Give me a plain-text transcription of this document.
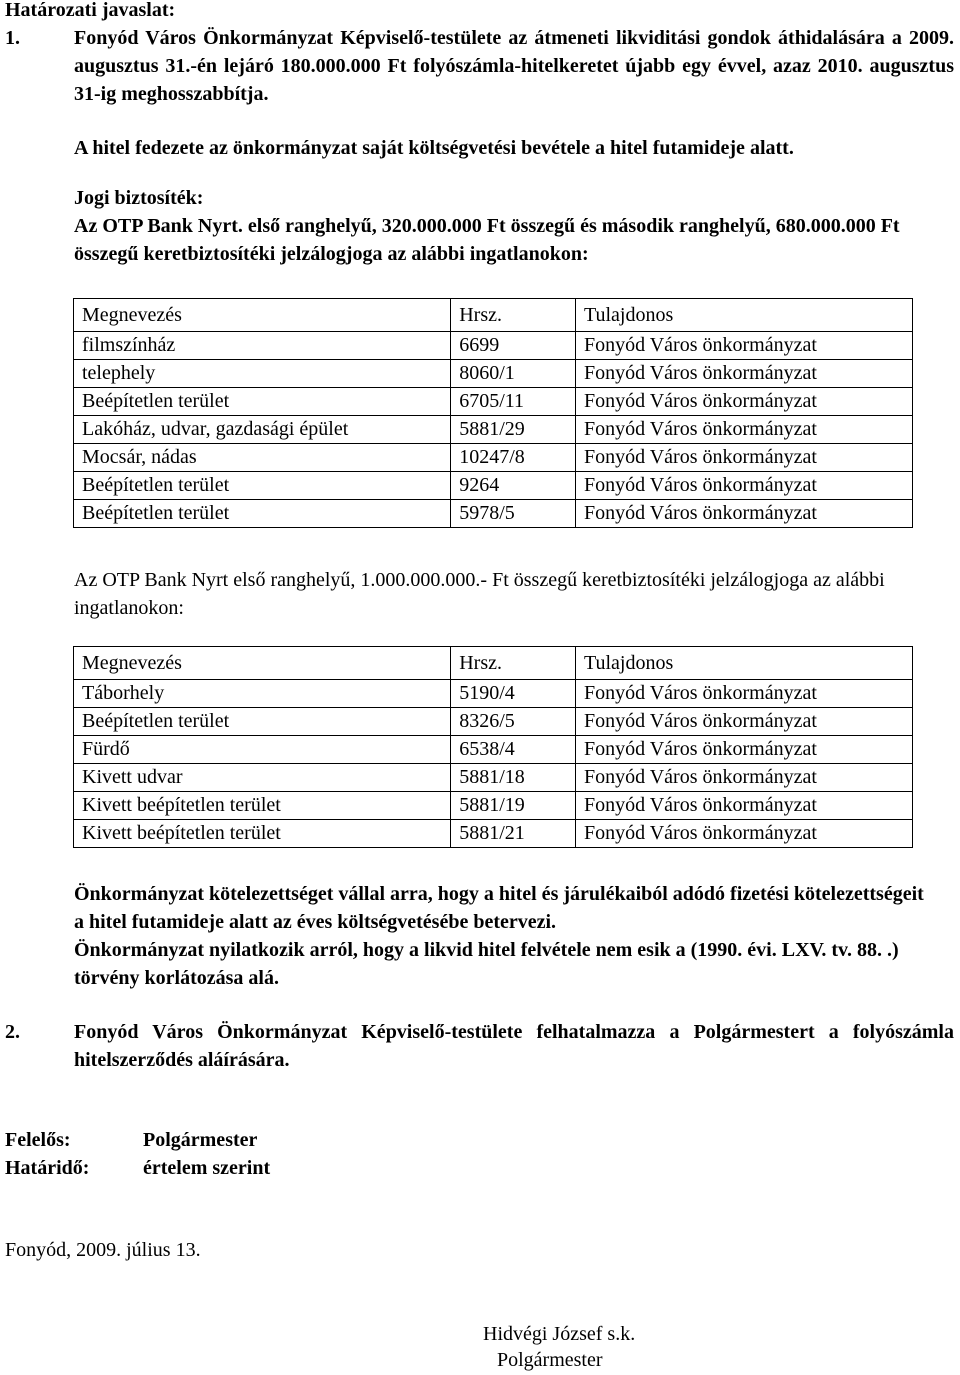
Határozati javaslat:
1.	Fonyód Város Önkormányzat Képviselő-testülete az átmeneti likviditási gondok áthidalására a 2009. augusztus 31.-én lejáró 180.000.000 Ft folyószámla-hitelkeretet újabb egy évvel, azaz 2010. augusztus 31-ig meghosszabbítja.
A hitel fedezete az önkormányzat saját költségvetési bevétele a hitel futamideje alatt.
Jogi biztosíték:
Az OTP Bank Nyrt. első ranghelyű, 320.000.000 Ft összegű és második ranghelyű, 680.000.000 Ft összegű keretbiztosítéki jelzálogjoga az alábbi ingatlanokon:
Megnevezés	Hrsz.	Tulajdonos
filmszínház	6699	Fonyód Város önkormányzat
telephely	8060/1	Fonyód Város önkormányzat
Beépítetlen terület	6705/11	Fonyód Város önkormányzat
Lakóház, udvar, gazdasági épület	5881/29	Fonyód Város önkormányzat
Mocsár, nádas	10247/8	Fonyód Város önkormányzat
Beépítetlen terület	9264	Fonyód Város önkormányzat
Beépítetlen terület	5978/5	Fonyód Város önkormányzat
Az OTP Bank Nyrt első ranghelyű, 1.000.000.000.- Ft összegű keretbiztosítéki jelzálogjoga az alábbi ingatlanokon:
Megnevezés	Hrsz.	Tulajdonos
Táborhely	5190/4	Fonyód Város önkormányzat
Beépítetlen terület	8326/5	Fonyód Város önkormányzat
Fürdő	6538/4	Fonyód Város önkormányzat
Kivett udvar	5881/18	Fonyód Város önkormányzat
Kivett beépítetlen terület	5881/19	Fonyód Város önkormányzat
Kivett beépítetlen terület	5881/21	Fonyód Város önkormányzat
Önkormányzat kötelezettséget vállal arra, hogy a hitel és járulékaiból adódó fizetési kötelezettségeit a hitel futamideje alatt az éves költségvetésébe betervezi.
Önkormányzat nyilatkozik arról, hogy a likvid hitel felvétele nem esik a (1990. évi. LXV. tv. 88. .) törvény korlátozása alá.
2.	Fonyód Város Önkormányzat Képviselő-testülete felhatalmazza a Polgármestert a folyószámla hitelszerződés aláírására.
Felelős:	Polgármester
Határidő:	értelem szerint
Fonyód, 2009. július 13.
Hidvégi József s.k.
Polgármester
